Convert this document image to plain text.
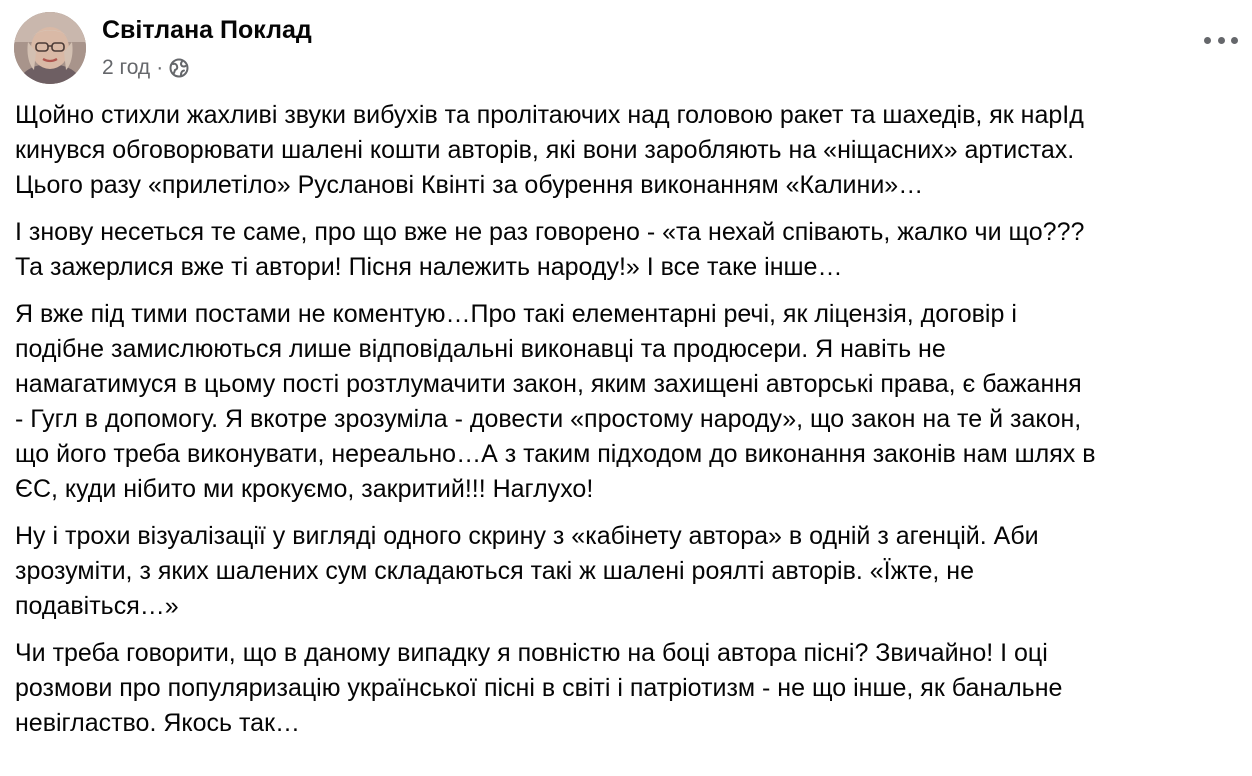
Світлана Поклад
2 год ·

Щойно стихли жахливі звуки вибухів та пролітаючих над головою ракет та шахедів, як нарІд
кинувся обговорювати шалені кошти авторів, які вони заробляють на «ніщасних» артистах.
Цього разу «прилетіло» Русланові Квінті за обурення виконанням «Калини»…

І знову несеться те саме, про що вже не раз говорено - «та нехай співають, жалко чи що???
Та зажерлися вже ті автори! Пісня належить народу!» І все таке інше…

Я вже під тими постами не коментую…Про такі елементарні речі, як ліцензія, договір і
подібне замислюються лише відповідальні виконавці та продюсери. Я навіть не
намагатимуся в цьому пості розтлумачити закон, яким захищені авторські права, є бажання
- Гугл в допомогу. Я вкотре зрозуміла - довести «простому народу», що закон на те й закон,
що його треба виконувати, нереально…А з таким підходом до виконання законів нам шлях в
ЄС, куди нібито ми крокуємо, закритий!!! Наглухо!

Ну і трохи візуалізації у вигляді одного скрину з «кабінету автора» в одній з агенцій. Аби
зрозуміти, з яких шалених сум складаються такі ж шалені роялті авторів. «Їжте, не
подавіться…»

Чи треба говорити, що в даному випадку я повністю на боці автора пісні? Звичайно! І оці
розмови про популяризацію української пісні в світі і патріотизм - не що інше, як банальне
невігластво. Якось так…
